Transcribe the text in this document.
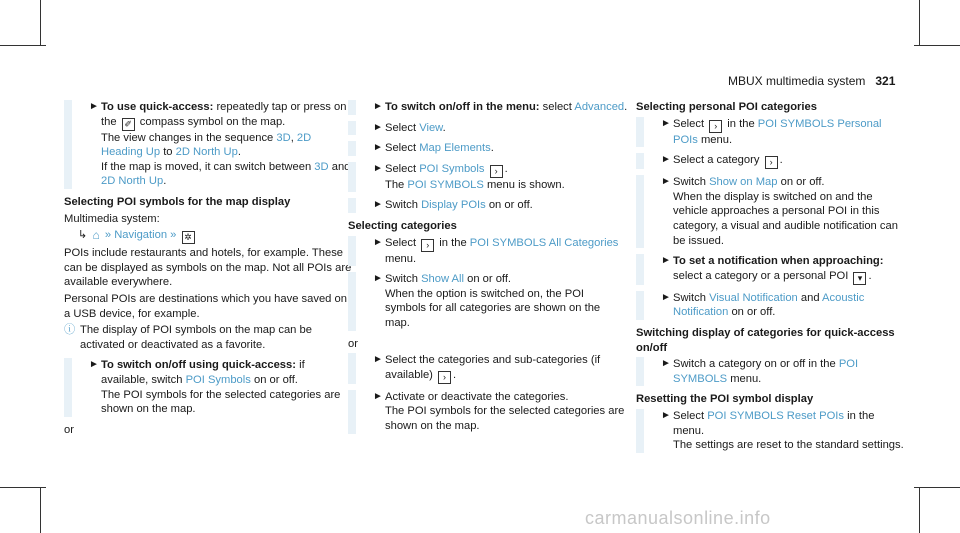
MBUX multimedia system 321
► To use quick-access: repeatedly tap or press on the ✐ compass symbol on the map.
The view changes in the sequence 3D, 2D Heading Up to 2D North Up.
If the map is moved, it can switch between 3D and 2D North Up.
Selecting POI symbols for the map display
Multimedia system:
↳ ⌂ » Navigation » ✲
POIs include restaurants and hotels, for example. These can be displayed as symbols on the map. Not all POIs are available everywhere.
Personal POIs are destinations which you have saved on a USB device, for example.
ⓘ The display of POI symbols on the map can be activated or deactivated as a favorite.
► To switch on/off using quick-access: if available, switch POI Symbols on or off.
The POI symbols for the selected categories are shown on the map.
or
► To switch on/off in the menu: select Advanced.
► Select View.
► Select Map Elements.
► Select POI Symbols › .
The POI SYMBOLS menu is shown.
► Switch Display POIs on or off.
Selecting categories
► Select › in the POI SYMBOLS All Categories menu.
► Switch Show All on or off.
When the option is switched on, the POI symbols for all categories are shown on the map.
or
► Select the categories and sub-categories (if available) › .
► Activate or deactivate the categories.
The POI symbols for the selected categories are shown on the map.
Selecting personal POI categories
► Select › in the POI SYMBOLS Personal POIs menu.
► Select a category › .
► Switch Show on Map on or off.
When the display is switched on and the vehicle approaches a personal POI in this category, a visual and audible notification can be issued.
► To set a notification when approaching: select a category or a personal POI ▾ .
► Switch Visual Notification and Acoustic Notification on or off.
Switching display of categories for quick-access on/off
► Switch a category on or off in the POI SYMBOLS menu.
Resetting the POI symbol display
► Select POI SYMBOLS Reset POIs in the menu.
The settings are reset to the standard settings.
carmanualsonline.info
